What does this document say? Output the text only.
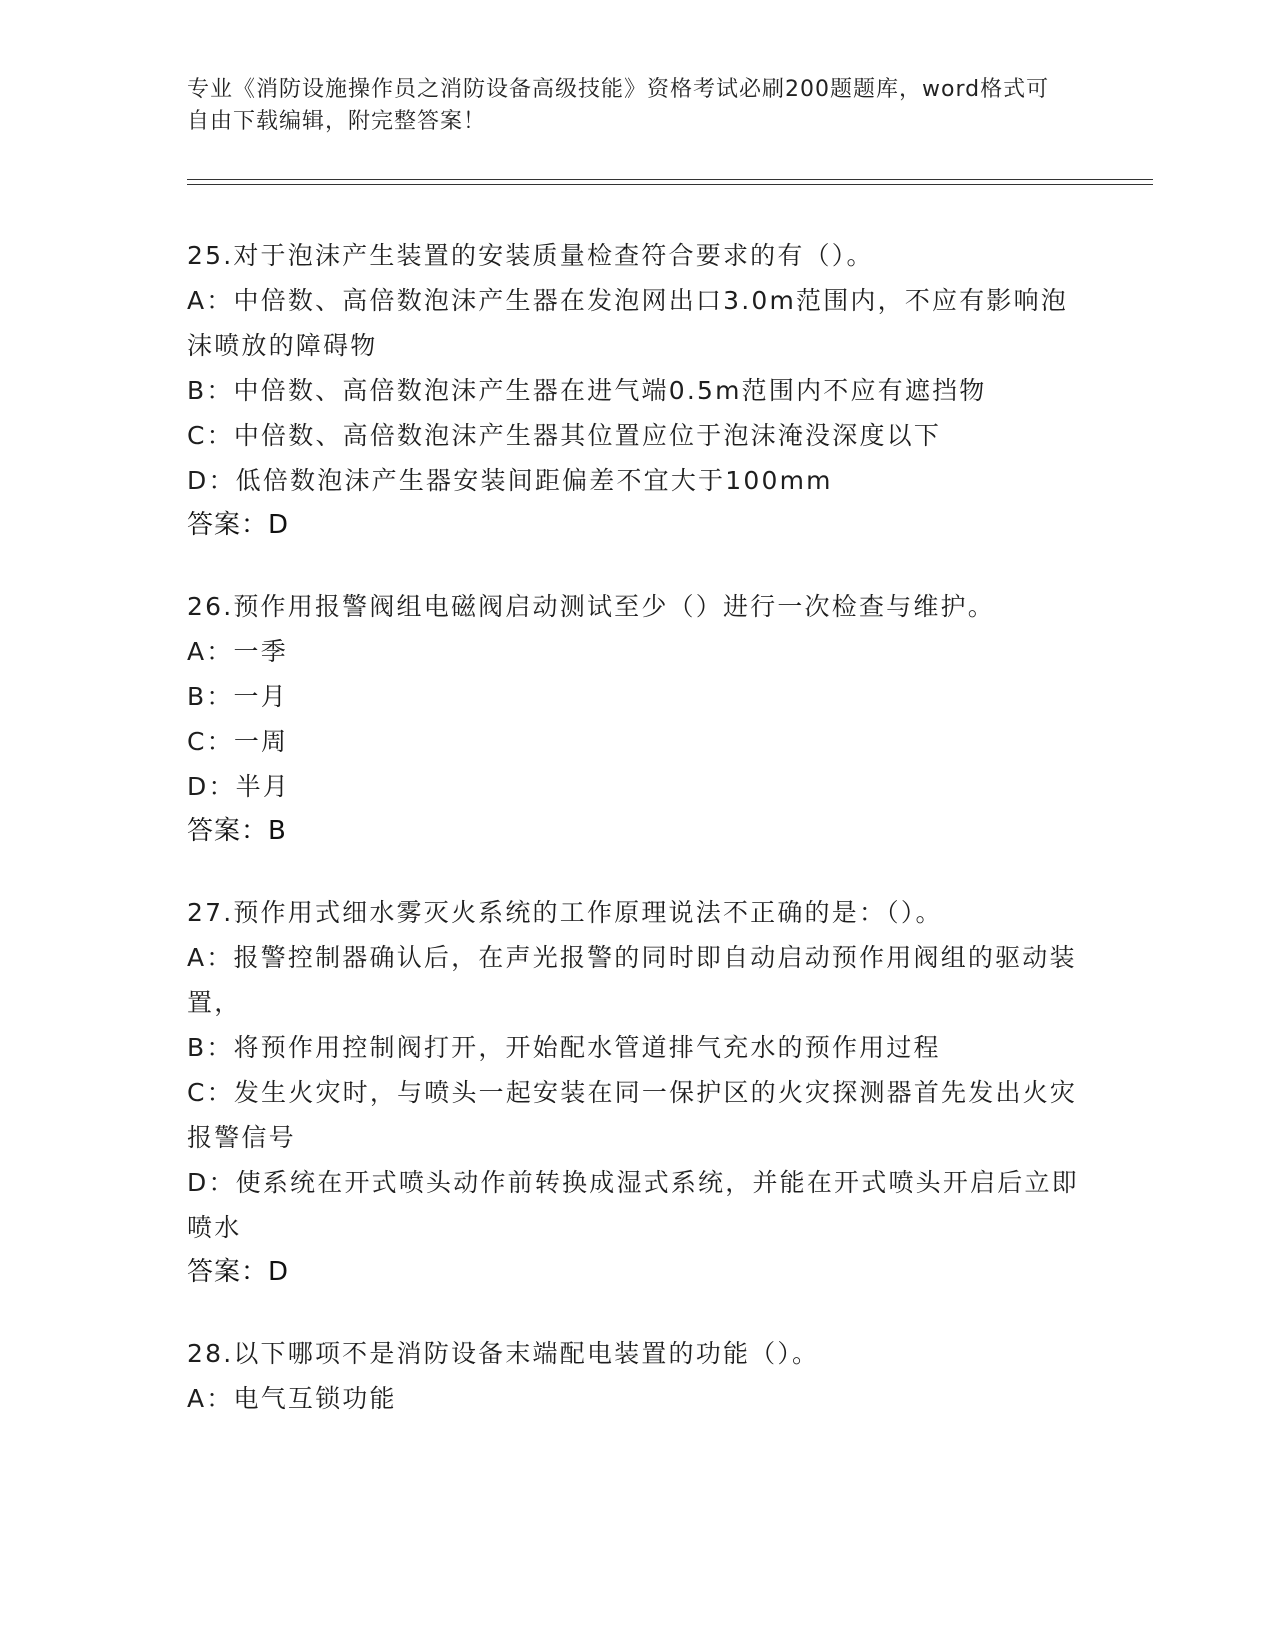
专业《消防设施操作员之消防设备高级技能》资格考试必刷200题题库，word格式可自由下载编辑，附完整答案！
25.对于泡沫产生装置的安装质量检查符合要求的有（）。
A：中倍数、高倍数泡沫产生器在发泡网出口3.0m范围内，不应有影响泡沫喷放的障碍物
B：中倍数、高倍数泡沫产生器在进气端0.5m范围内不应有遮挡物
C：中倍数、高倍数泡沫产生器其位置应位于泡沫淹没深度以下
D：低倍数泡沫产生器安装间距偏差不宜大于100mm
答案：D
26.预作用报警阀组电磁阀启动测试至少（）进行一次检查与维护。
A：一季
B：一月
C：一周
D：半月
答案：B
27.预作用式细水雾灭火系统的工作原理说法不正确的是：（）。
A：报警控制器确认后，在声光报警的同时即自动启动预作用阀组的驱动装置，
B：将预作用控制阀打开，开始配水管道排气充水的预作用过程
C：发生火灾时，与喷头一起安装在同一保护区的火灾探测器首先发出火灾报警信号
D：使系统在开式喷头动作前转换成湿式系统，并能在开式喷头开启后立即喷水
答案：D
28.以下哪项不是消防设备末端配电装置的功能（）。
A：电气互锁功能
